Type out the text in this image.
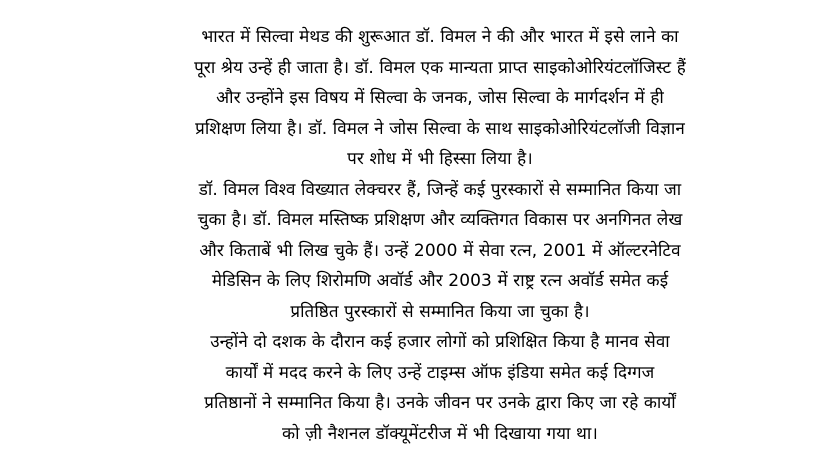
भारत में सिल्वा मेथड की शुरूआत डॉ. विमल ने की और भारत में इसे लाने का
पूरा श्रेय उन्हें ही जाता है। डॉ. विमल एक मान्यता प्राप्त साइकोओरियंटलॉजिस्ट हैं
और उन्होंने इस विषय में सिल्वा के जनक, जोस सिल्वा के मार्गदर्शन में ही
प्रशिक्षण लिया है। डॉ. विमल ने जोस सिल्वा के साथ साइकोओरियंटलॉजी विज्ञान
पर शोध में भी हिस्सा लिया है।

डॉ. विमल विश्व विख्यात लेक्चरर हैं, जिन्हें कई पुरस्कारों से सम्मानित किया जा
चुका है। डॉ. विमल मस्तिष्क प्रशिक्षण और व्यक्तिगत विकास पर अनगिनत लेख
और किताबें भी लिख चुके हैं। उन्हें 2000 में सेवा रत्न, 2001 में ऑल्टरनेटिव
मेडिसिन के लिए शिरोमणि अवॉर्ड और 2003 में राष्ट्र रत्न अवॉर्ड समेत कई
प्रतिष्ठित पुरस्कारों से सम्मानित किया जा चुका है।

उन्होंने दो दशक के दौरान कई हजार लोगों को प्रशिक्षित किया है मानव सेवा
कार्यों में मदद करने के लिए उन्हें टाइम्स ऑफ इंडिया समेत कई दिग्गज
प्रतिष्ठानों ने सम्मानित किया है। उनके जीवन पर उनके द्वारा किए जा रहे कार्यों
को ज़ी नैशनल डॉक्यूमेंटरीज में भी दिखाया गया था।
